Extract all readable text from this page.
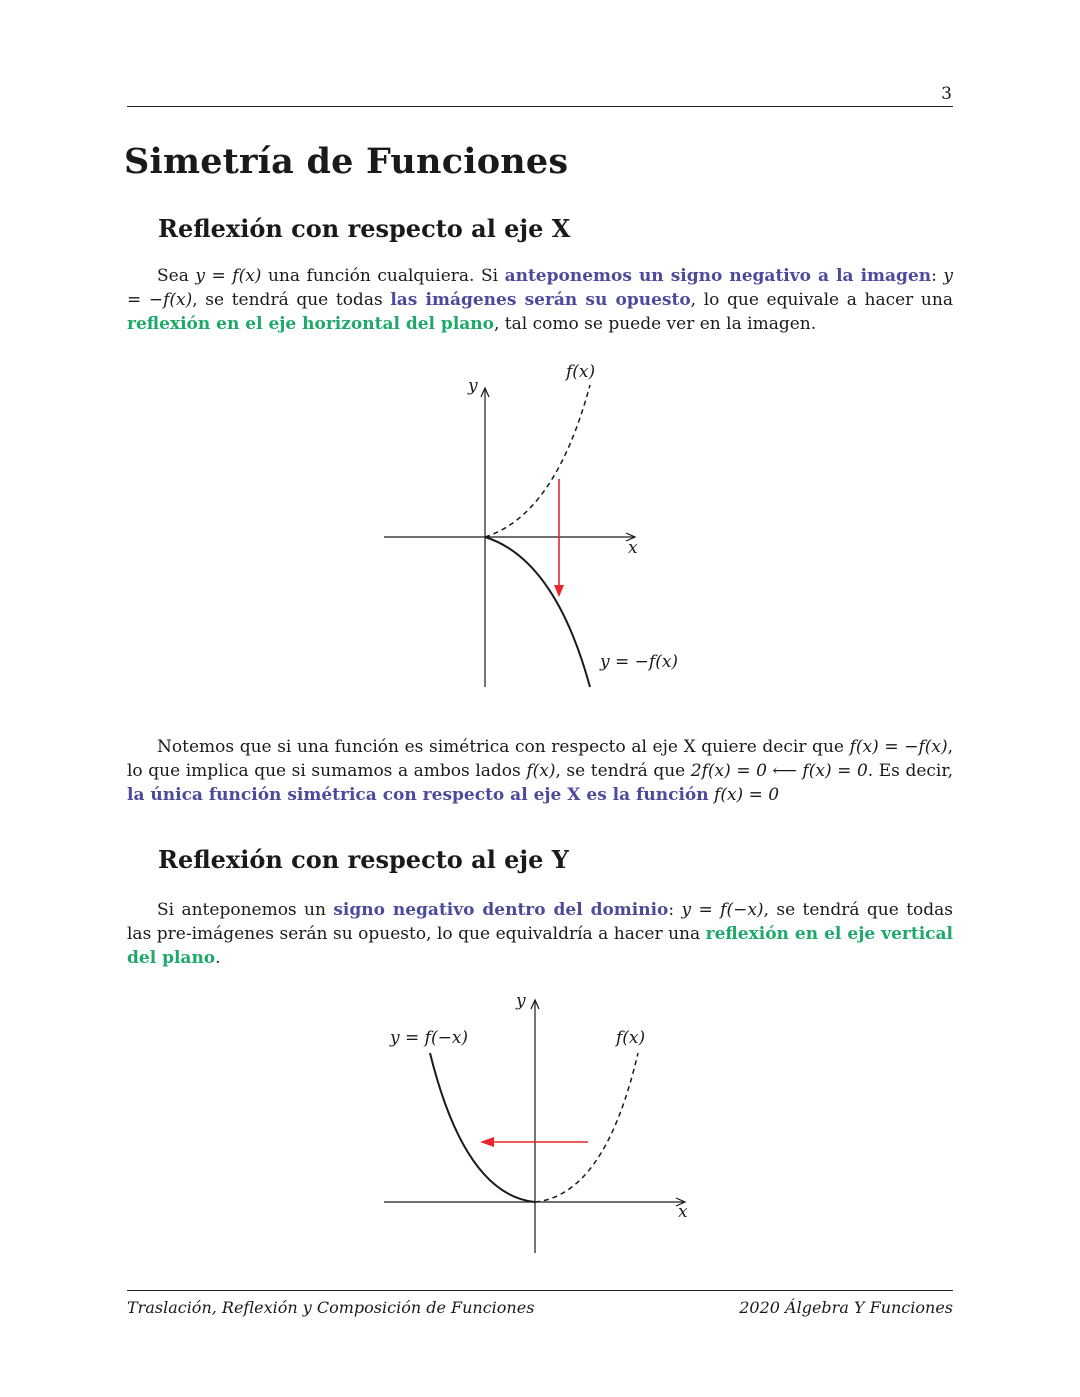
3
Simetría de Funciones
Reflexión con respecto al eje X

Sea y = f(x) una función cualquiera. Si anteponemos un signo negativo a la imagen: y = −f(x), se tendrá que todas las imágenes serán su opuesto, lo que equivale a hacer una reflexión en el eje horizontal del plano, tal como se puede ver en la imagen.

y
x
f(x)
y = −f(x)

Notemos que si una función es simétrica con respecto al eje X quiere decir que f(x) = −f(x), lo que implica que si sumamos a ambos lados f(x), se tendrá que 2f(x) = 0 ⟵ f(x) = 0. Es decir, la única función simétrica con respecto al eje X es la función f(x) = 0

Reflexión con respecto al eje Y

Si anteponemos un signo negativo dentro del dominio: y = f(−x), se tendrá que todas las pre-imágenes serán su opuesto, lo que equivaldría a hacer una reflexión en el eje vertical del plano.

y
x
f(x)
y = f(−x)
Traslación, Reflexión y Composición de Funciones	2020 Álgebra Y Funciones
